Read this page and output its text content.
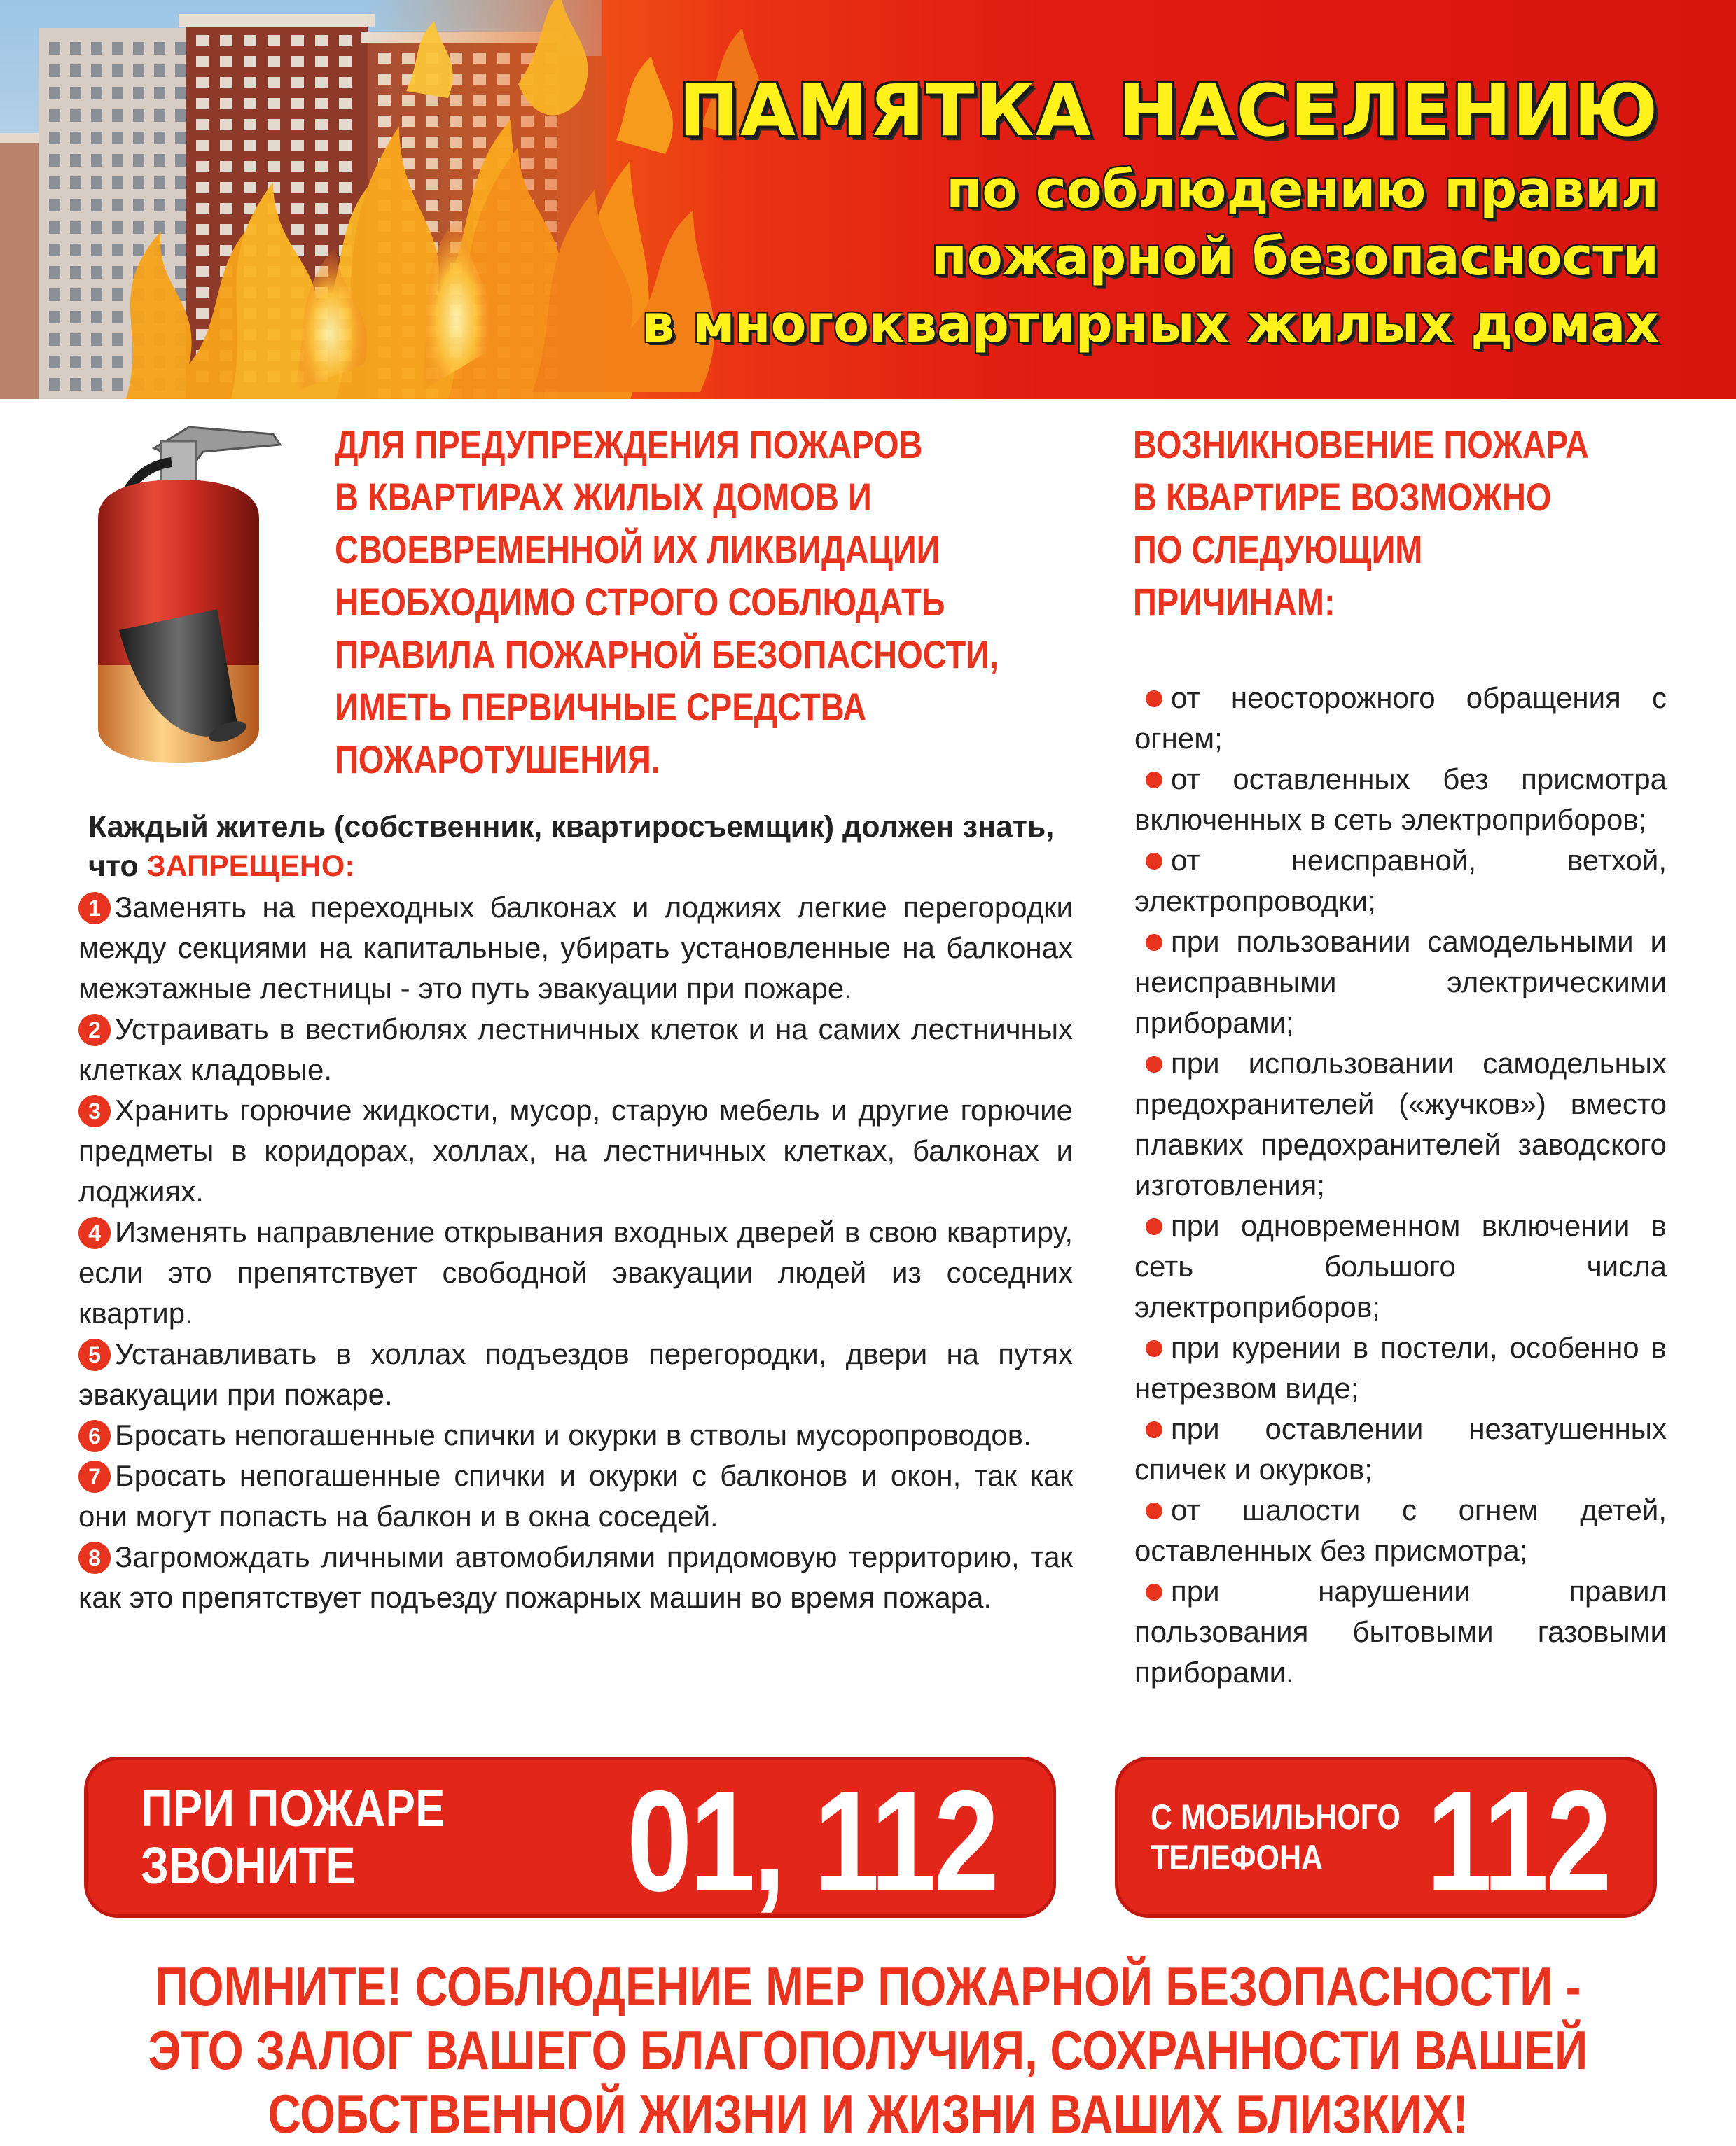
ПАМЯТКА НАСЕЛЕНИЮ
по соблюдению правил
пожарной безопасности
в многоквартирных жилых домах
ДЛЯ ПРЕДУПРЕЖДЕНИЯ ПОЖАРОВ
В КВАРТИРАХ ЖИЛЫХ ДОМОВ И
СВОЕВРЕМЕННОЙ ИХ ЛИКВИДАЦИИ
НЕОБХОДИМО СТРОГО СОБЛЮДАТЬ
ПРАВИЛА ПОЖАРНОЙ БЕЗОПАСНОСТИ,
ИМЕТЬ ПЕРВИЧНЫЕ СРЕДСТВА
ПОЖАРОТУШЕНИЯ.
ВОЗНИКНОВЕНИЕ ПОЖАРА
В КВАРТИРЕ ВОЗМОЖНО
ПО СЛЕДУЮЩИМ
ПРИЧИНАМ:
Каждый житель (собственник, квартиросъемщик) должен знать, что ЗАПРЕЩЕНО:
1 Заменять на переходных балконах и лоджиях легкие перегородки между секциями на капитальные, убирать установленные на балконах межэтажные лестницы - это путь эвакуации при пожаре.
2 Устраивать в вестибюлях лестничных клеток и на самих лестничных клетках кладовые.
3 Хранить горючие жидкости, мусор, старую мебель и другие горючие предметы в коридорах, холлах, на лестничных клетках, балконах и лоджиях.
4 Изменять направление открывания входных дверей в свою квартиру, если это препятствует свободной эвакуации людей из соседних квартир.
5 Устанавливать в холлах подъездов перегородки, двери на путях эвакуации при пожаре.
6 Бросать непогашенные спички и окурки в стволы мусоропроводов.
7 Бросать непогашенные спички и окурки с балконов и окон, так как они могут попасть на балкон и в окна соседей.
8 Загромождать личными автомобилями придомовую территорию, так как это препятствует подъезду пожарных машин во время пожара.
от неосторожного обращения с огнем;
от оставленных без присмотра включенных в сеть электроприборов;
от неисправной, ветхой, электропроводки;
при пользовании самодельными и неисправными электрическими приборами;
при использовании самодельных предохранителей («жучков») вместо плавких предохранителей заводского изготовления;
при одновременном включении в сеть большого числа электроприборов;
при курении в постели, особенно в нетрезвом виде;
при оставлении незатушенных спичек и окурков;
от шалости с огнем детей, оставленных без присмотра;
при нарушении правил пользования бытовыми газовыми приборами.
ПРИ ПОЖАРЕ
ЗВОНИТЕ	01, 112	С МОБИЛЬНОГО
ТЕЛЕФОНА 112
ПОМНИТЕ! СОБЛЮДЕНИЕ МЕР ПОЖАРНОЙ БЕЗОПАСНОСТИ -
ЭТО ЗАЛОГ ВАШЕГО БЛАГОПОЛУЧИЯ, СОХРАННОСТИ ВАШЕЙ
СОБСТВЕННОЙ ЖИЗНИ И ЖИЗНИ ВАШИХ БЛИЗКИХ!
